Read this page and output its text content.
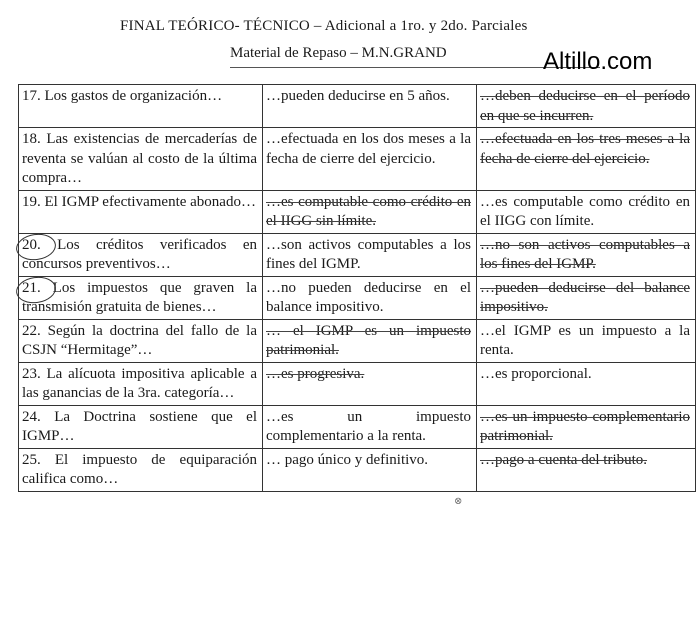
FINAL TEÓRICO- TÉCNICO – Adicional a 1ro. y 2do. Parciales
Material de Repaso – M.N.GRAND	Altillo.com
17. Los gastos de organización…	…pueden deducirse en 5 años.	…deben deducirse en el período en que se incurren.
18. Las existencias de mercaderías de reventa se valúan al costo de la última compra…	…efectuada en los dos meses a la fecha de cierre del ejercicio.	…efectuada en los tres meses a la fecha de cierre del ejercicio.
19. El IGMP efectivamente abonado…	…es computable como crédito en el IIGG sin límite.	…es computable como crédito en el IIGG con límite.

20. Los créditos verificados en concursos preventivos…	…son activos computables a los fines del IGMP.	…no son activos computables a los fines del IGMP.

21. Los impuestos que graven la transmisión gratuita de bienes…	…no pueden deducirse en el balance impositivo.	…pueden deducirse del balance impositivo.
22. Según la doctrina del fallo de la CSJN “Hermitage”…	… el IGMP es un impuesto patrimonial.	…el IGMP es un impuesto a la renta.
23. La alícuota impositiva aplicable a las ganancias de la 3ra. categoría…	…es progresiva.	…es proporcional.
24. La Doctrina sostiene que el IGMP…	…es un impuesto complementario a la renta.	…es un impuesto complementario patrimonial.
25. El impuesto de equiparación califica como…	… pago único y definitivo.	…pago a cuenta del tributo.
⊗
